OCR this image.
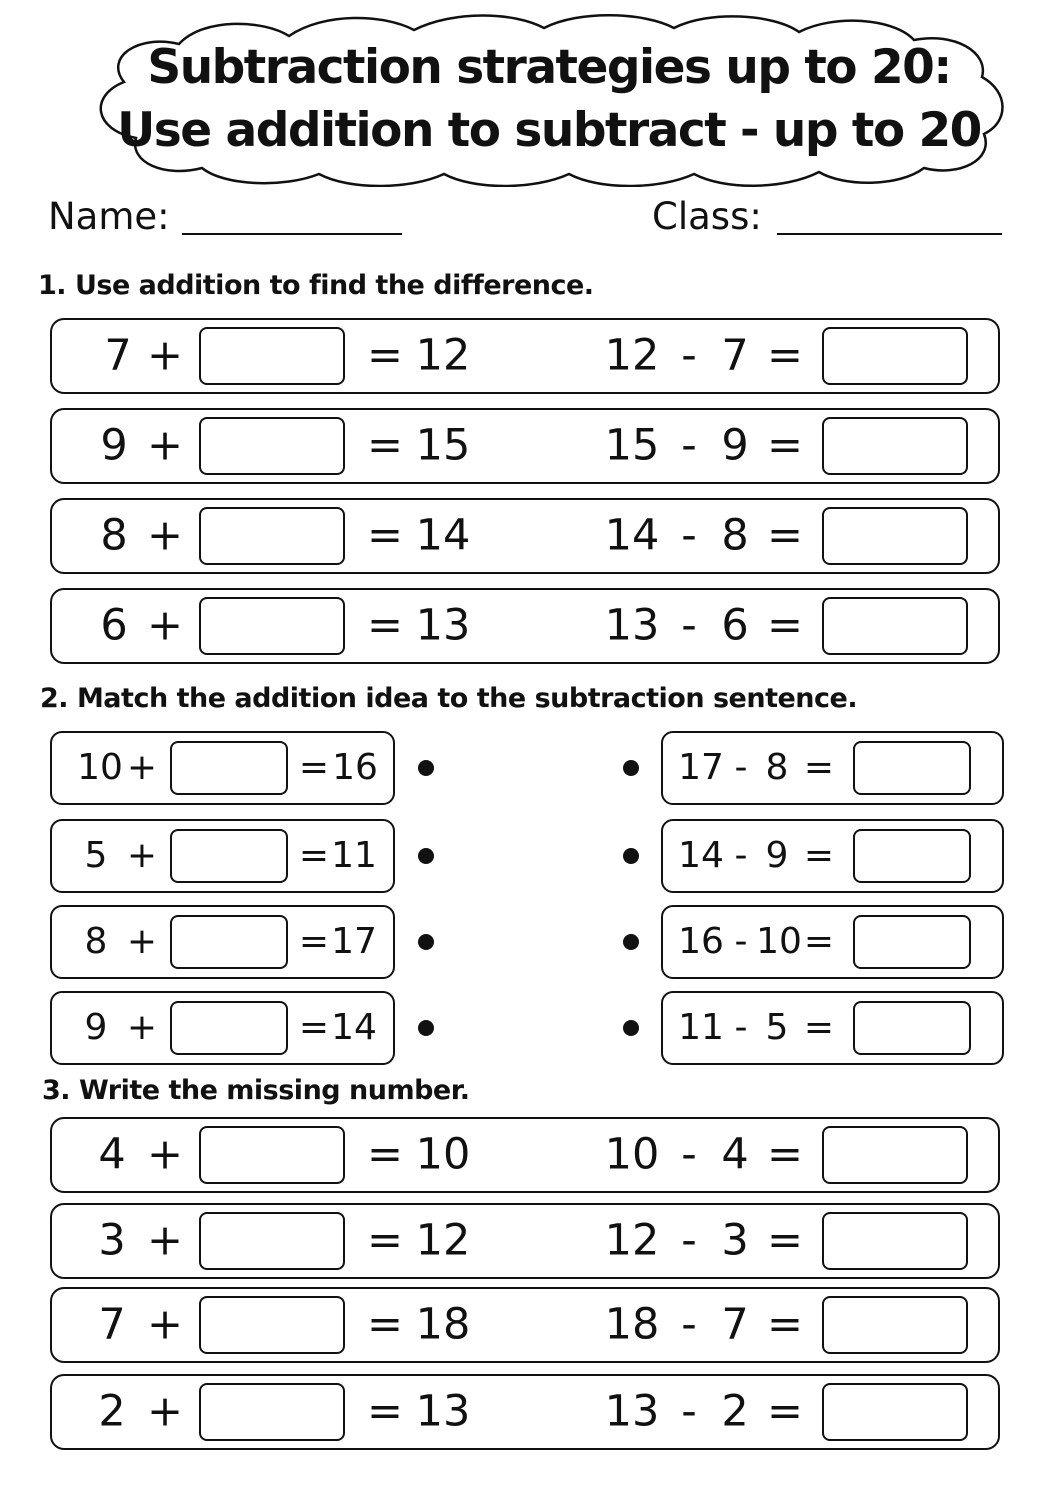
Subtraction strategies up to 20:
Use addition to subtract - up to 20
Name:	Class:
1. Use addition to find the difference.
7 +	= 12	12 - 7 =
9 +	= 15	15 - 9 =
8 +	= 14	14 - 8 =
6 +	= 13	13 - 6 =
2. Match the addition idea to the subtraction sentence.
10 +	= 16
5 +	= 11
8 +	= 17
9 +	= 14
17 - 8 =
14 - 9 =
16 - 10 =
11 - 5 =
3. Write the missing number.
4 +	= 10	10 - 4 =
3 +	= 12	12 - 3 =
7 +	= 18	18 - 7 =
2 +	= 13	13 - 2 =
